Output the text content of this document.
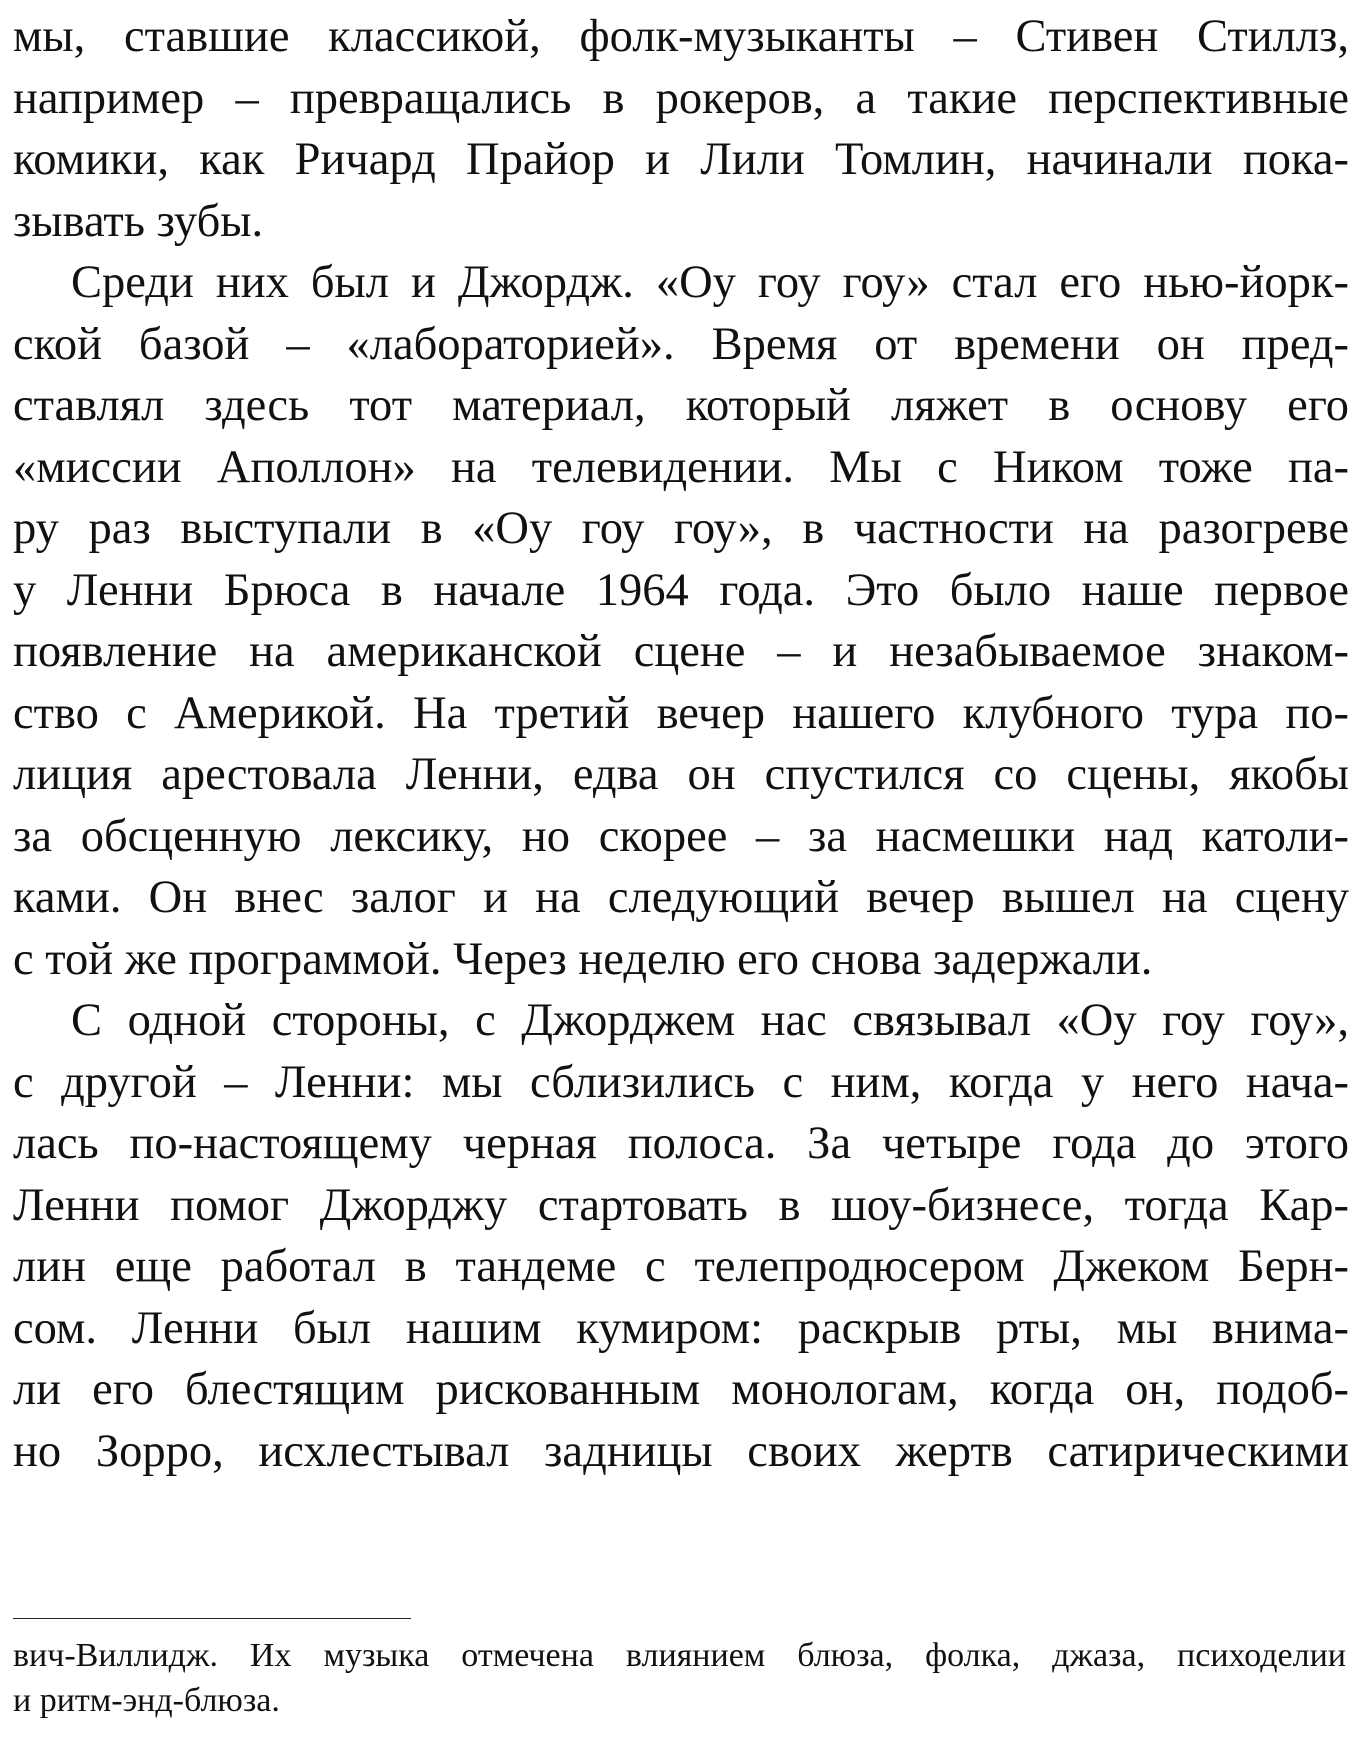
мы, ставшие классикой, фолк-музыканты – Стивен Стиллз,
например – превращались в рокеров, а такие перспективные
комики, как Ричард Прайор и Лили Томлин, начинали пока-
зывать зубы.
Среди них был и Джордж. «Оу гоу гоу» стал его нью-йорк-
ской базой – «лабораторией». Время от времени он пред-
ставлял здесь тот материал, который ляжет в основу его
«миссии Аполлон» на телевидении. Мы с Ником тоже па-
ру раз выступали в «Оу гоу гоу», в частности на разогреве
у Ленни Брюса в начале 1964 года. Это было наше первое
появление на американской сцене – и незабываемое знаком-
ство с Америкой. На третий вечер нашего клубного тура по-
лиция арестовала Ленни, едва он спустился со сцены, якобы
за обсценную лексику, но скорее – за насмешки над католи-
ками. Он внес залог и на следующий вечер вышел на сцену
с той же программой. Через неделю его снова задержали.
С одной стороны, с Джорджем нас связывал «Оу гоу гоу»,
с другой – Ленни: мы сблизились с ним, когда у него нача-
лась по-настоящему черная полоса. За четыре года до этого
Ленни помог Джорджу стартовать в шоу-бизнесе, тогда Кар-
лин еще работал в тандеме с телепродюсером Джеком Берн-
сом. Ленни был нашим кумиром: раскрыв рты, мы внима-
ли его блестящим рискованным монологам, когда он, подоб-
но Зорро, исхлестывал задницы своих жертв сатирическими
вич-Виллидж. Их музыка отмечена влиянием блюза, фолка, джаза, психоделии
и ритм-энд-блюза.
